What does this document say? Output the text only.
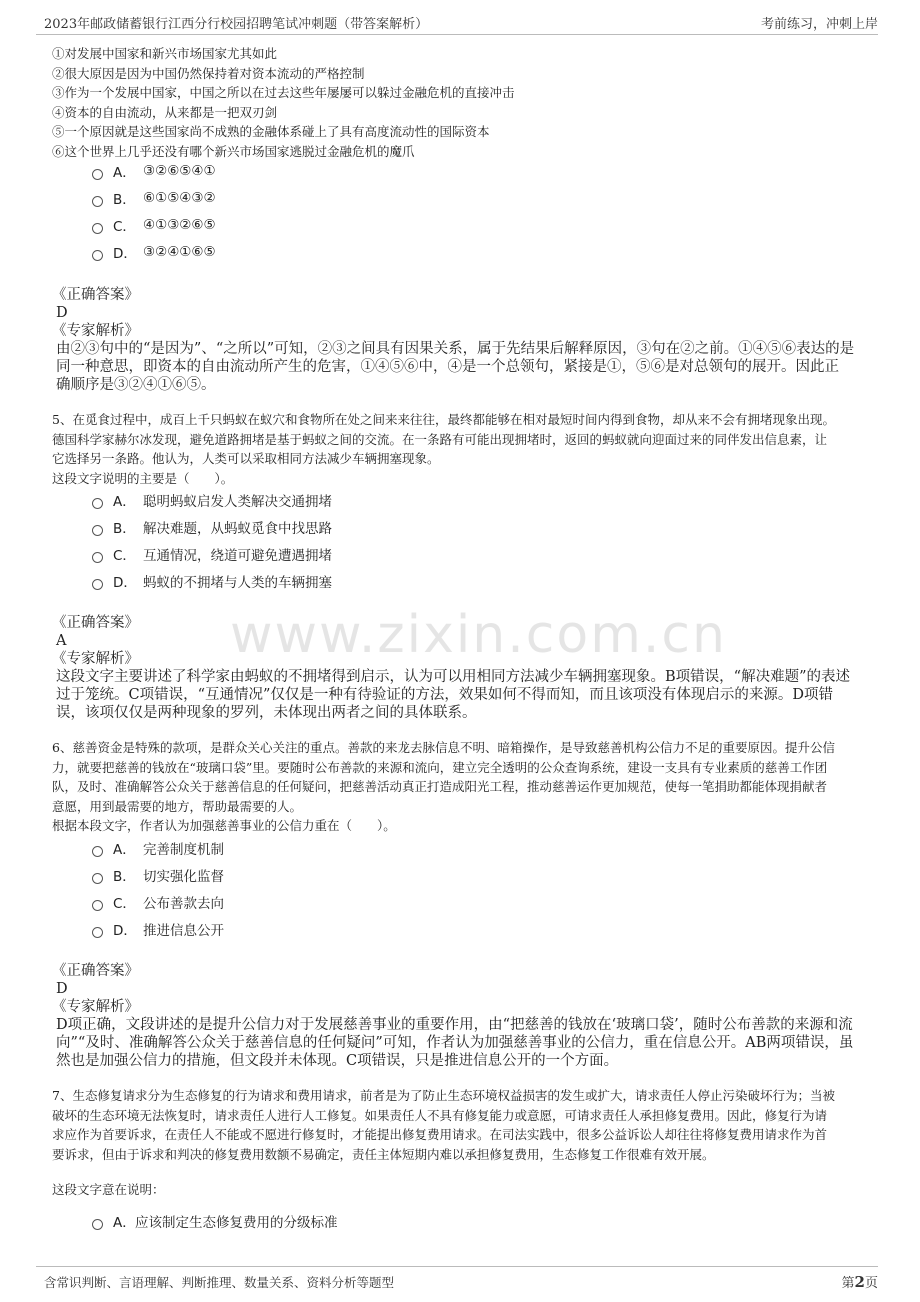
2023年邮政储蓄银行江西分行校园招聘笔试冲刺题（带答案解析）	考前练习，冲刺上岸
www.zixin.com.cn
①对发展中国家和新兴市场国家尤其如此
②很大原因是因为中国仍然保持着对资本流动的严格控制
③作为一个发展中国家，中国之所以在过去这些年屡屡可以躲过金融危机的直接冲击
④资本的自由流动，从来都是一把双刃剑
⑤一个原因就是这些国家尚不成熟的金融体系碰上了具有高度流动性的国际资本
⑥这个世界上几乎还没有哪个新兴市场国家逃脱过金融危机的魔爪
A． ③②⑥⑤④①
B． ⑥①⑤④③②
C． ④①③②⑥⑤
D． ③②④①⑥⑤
《正确答案》
D
《专家解析》
由②③句中的“是因为”、“之所以”可知，②③之间具有因果关系，属于先结果后解释原因，③句在②之前。①④⑤⑥表达的是
同一种意思，即资本的自由流动所产生的危害，①④⑤⑥中，④是一个总领句，紧接是①，⑤⑥是对总领句的展开。因此正
确顺序是③②④①⑥⑤。
5、在觅食过程中，成百上千只蚂蚁在蚁穴和食物所在处之间来来往往，最终都能够在相对最短时间内得到食物，却从来不会有拥堵现象出现。
德国科学家赫尔冰发现，避免道路拥堵是基于蚂蚁之间的交流。在一条路有可能出现拥堵时，返回的蚂蚁就向迎面过来的同伴发出信息素，让
它选择另一条路。他认为，人类可以采取相同方法减少车辆拥塞现象。
这段文字说明的主要是（　　）。
A． 聪明蚂蚁启发人类解决交通拥堵
B． 解决难题，从蚂蚁觅食中找思路
C． 互通情况，绕道可避免遭遇拥堵
D． 蚂蚁的不拥堵与人类的车辆拥塞
《正确答案》
A
《专家解析》
这段文字主要讲述了科学家由蚂蚁的不拥堵得到启示，认为可以用相同方法减少车辆拥塞现象。B项错误，“解决难题”的表述
过于笼统。C项错误，“互通情况”仅仅是一种有待验证的方法，效果如何不得而知，而且该项没有体现启示的来源。D项错
误，该项仅仅是两种现象的罗列，未体现出两者之间的具体联系。
6、慈善资金是特殊的款项，是群众关心关注的重点。善款的来龙去脉信息不明、暗箱操作，是导致慈善机构公信力不足的重要原因。提升公信
力，就要把慈善的钱放在“玻璃口袋”里。要随时公布善款的来源和流向，建立完全透明的公众查询系统，建设一支具有专业素质的慈善工作团
队，及时、准确解答公众关于慈善信息的任何疑问，把慈善活动真正打造成阳光工程，推动慈善运作更加规范，使每一笔捐助都能体现捐献者
意愿，用到最需要的地方，帮助最需要的人。
根据本段文字，作者认为加强慈善事业的公信力重在（　　）。
A． 完善制度机制
B． 切实强化监督
C． 公布善款去向
D． 推进信息公开
《正确答案》
D
《专家解析》
D项正确，文段讲述的是提升公信力对于发展慈善事业的重要作用，由“把慈善的钱放在‘玻璃口袋’，随时公布善款的来源和流
向”“及时、准确解答公众关于慈善信息的任何疑问”可知，作者认为加强慈善事业的公信力，重在信息公开。AB两项错误，虽
然也是加强公信力的措施，但文段并未体现。C项错误，只是推进信息公开的一个方面。
7、生态修复请求分为生态修复的行为请求和费用请求，前者是为了防止生态环境权益损害的发生或扩大，请求责任人停止污染破坏行为；当被
破坏的生态环境无法恢复时，请求责任人进行人工修复。如果责任人不具有修复能力或意愿，可请求责任人承担修复费用。因此，修复行为请
求应作为首要诉求，在责任人不能或不愿进行修复时，才能提出修复费用请求。在司法实践中，很多公益诉讼人却往往将修复费用请求作为首
要诉求，但由于诉求和判决的修复费用数额不易确定，责任主体短期内难以承担修复费用，生态修复工作很难有效开展。
这段文字意在说明：
A． 应该制定生态修复费用的分级标准
含常识判断、言语理解、判断推理、数量关系、资料分析等题型	第2页
